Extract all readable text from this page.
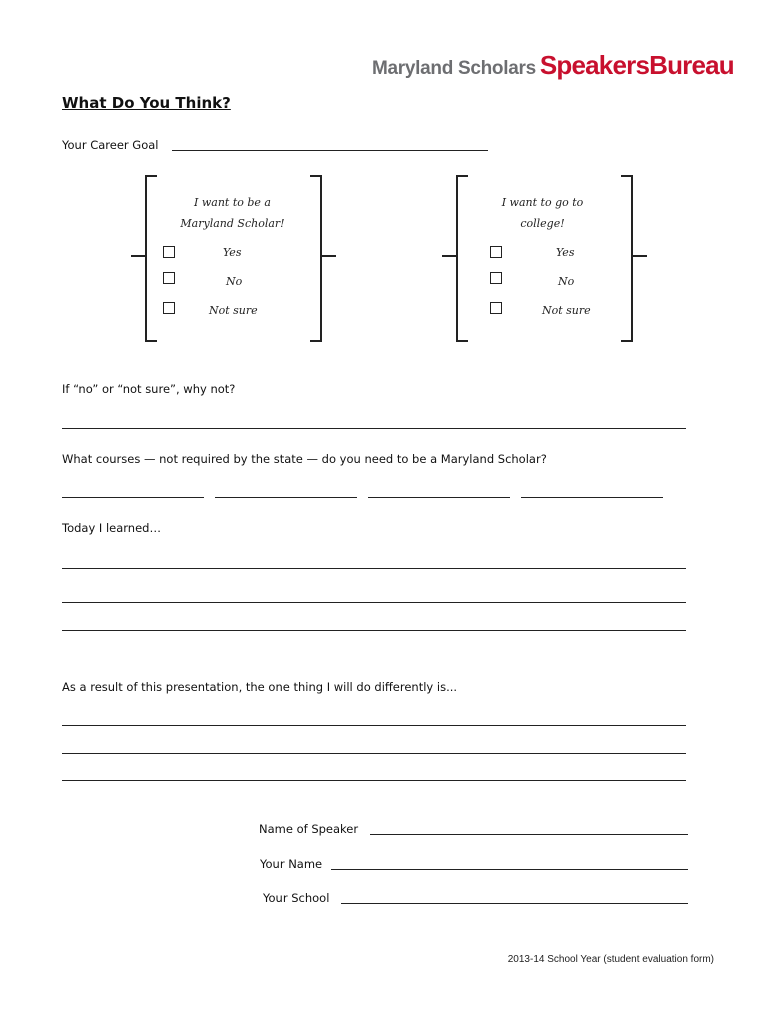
Maryland Scholars SpeakersBureau
What Do You Think?
Your Career Goal
I want to be a
Maryland Scholar!
Yes
No
Not sure
I want to go to
college!
Yes
No
Not sure
If “no” or “not sure”, why not?
What courses — not required by the state — do you need to be a Maryland Scholar?
Today I learned…
As a result of this presentation, the one thing I will do differently is...
Name of Speaker
Your Name
Your School
2013-14 School Year (student evaluation form)
